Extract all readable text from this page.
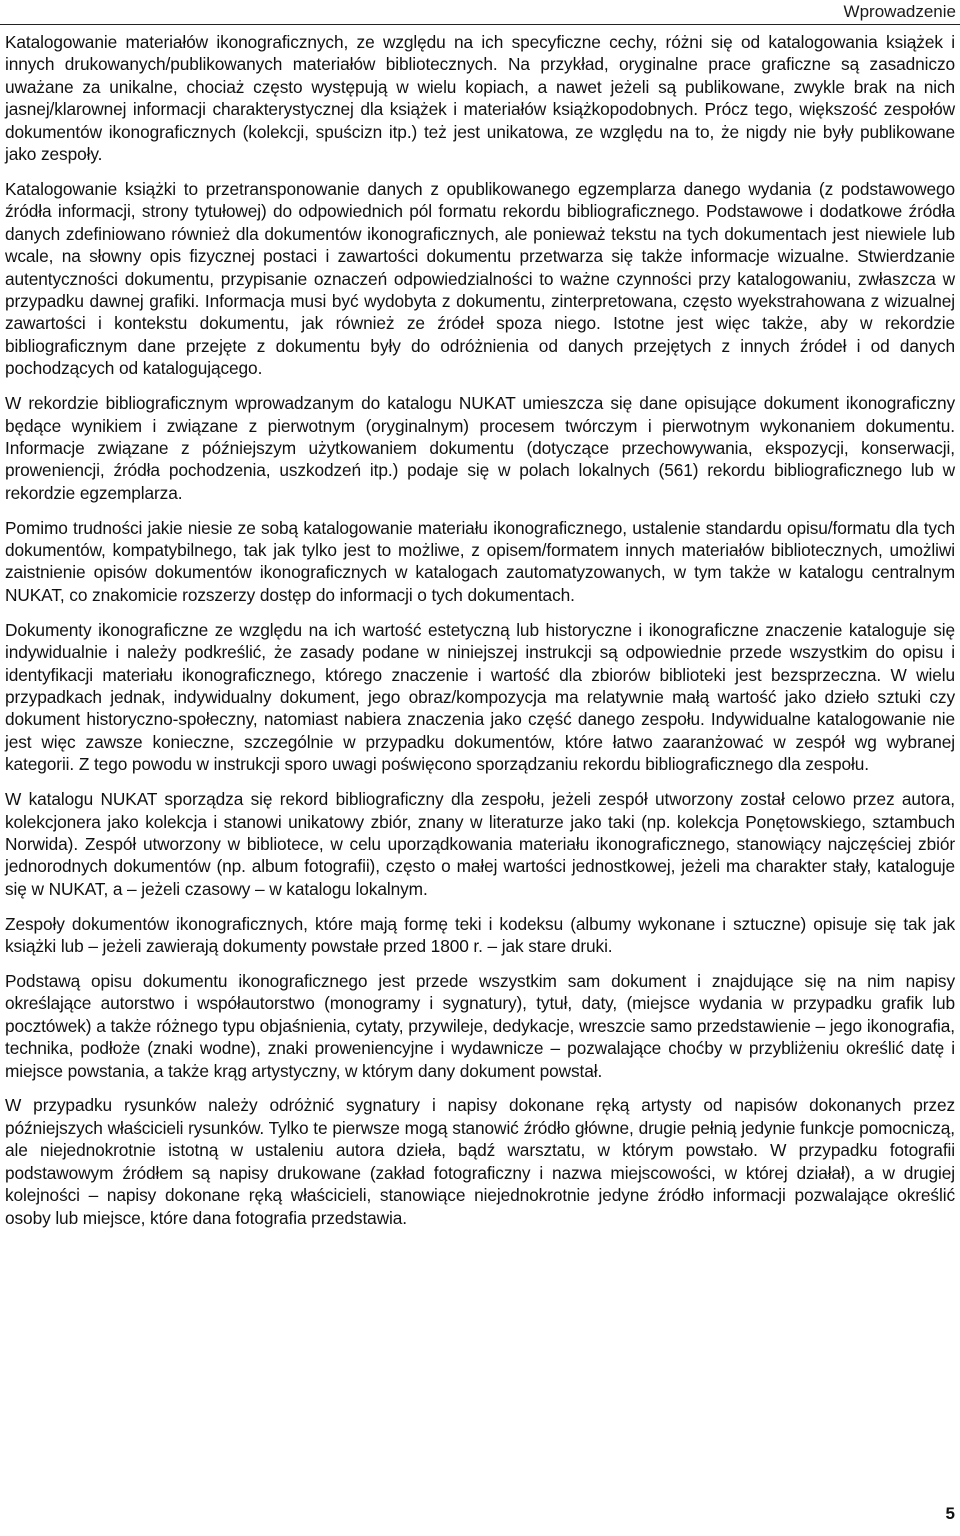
Wprowadzenie

Katalogowanie materiałów ikonograficznych, ze względu na ich specyficzne cechy, różni się od katalogowania książek i innych drukowanych/publikowanych materiałów bibliotecznych. Na przykład, oryginalne prace graficzne są zasadniczo uważane za unikalne, chociaż często występują w wielu kopiach, a nawet jeżeli są publikowane, zwykle brak na nich jasnej/klarownej informacji charakterystycznej dla książek i materiałów książkopodobnych. Prócz tego, większość zespołów dokumentów ikonograficznych (kolekcji, spuścizn itp.) też jest unikatowa, ze względu na to, że nigdy nie były publikowane jako zespoły.

Katalogowanie książki to przetransponowanie danych z opublikowanego egzemplarza danego wydania (z podstawowego źródła informacji, strony tytułowej) do odpowiednich pól formatu rekordu bibliograficznego. Podstawowe i dodatkowe źródła danych zdefiniowano również dla dokumentów ikonograficznych, ale ponieważ tekstu na tych dokumentach jest niewiele lub wcale, na słowny opis fizycznej postaci i zawartości dokumentu przetwarza się także informacje wizualne. Stwierdzanie autentyczności dokumentu, przypisanie oznaczeń odpowiedzialności to ważne czynności przy katalogowaniu, zwłaszcza w przypadku dawnej grafiki. Informacja musi być wydobyta z dokumentu, zinterpretowana, często wyekstrahowana z wizualnej zawartości i kontekstu dokumentu, jak również ze źródeł spoza niego. Istotne jest więc także, aby w rekordzie bibliograficznym dane przejęte z dokumentu były do odróżnienia od danych przejętych z innych źródeł i od danych pochodzących od katalogującego.

W rekordzie bibliograficznym wprowadzanym do katalogu NUKAT umieszcza się dane opisujące dokument ikonograficzny będące wynikiem i związane z pierwotnym (oryginalnym) procesem twórczym i pierwotnym wykonaniem dokumentu. Informacje związane z późniejszym użytkowaniem dokumentu (dotyczące przechowywania, ekspozycji, konserwacji, proweniencji, źródła pochodzenia, uszkodzeń itp.) podaje się w polach lokalnych (561) rekordu bibliograficznego lub w rekordzie egzemplarza.

Pomimo trudności jakie niesie ze sobą katalogowanie materiału ikonograficznego, ustalenie standardu opisu/formatu dla tych dokumentów, kompatybilnego, tak jak tylko jest to możliwe, z opisem/formatem innych materiałów bibliotecznych, umożliwi zaistnienie opisów dokumentów ikonograficznych w katalogach zautomatyzowanych, w tym także w katalogu centralnym NUKAT, co znakomicie rozszerzy dostęp do informacji o tych dokumentach.

Dokumenty ikonograficzne ze względu na ich wartość estetyczną lub historyczne i ikonograficzne znaczenie kataloguje się indywidualnie i należy podkreślić, że zasady podane w niniejszej instrukcji są odpowiednie przede wszystkim do opisu i identyfikacji materiału ikonograficznego, którego znaczenie i wartość dla zbiorów biblioteki jest bezsprzeczna. W wielu przypadkach jednak, indywidualny dokument, jego obraz/kompozycja ma relatywnie małą wartość jako dzieło sztuki czy dokument historyczno-społeczny, natomiast nabiera znaczenia jako część danego zespołu. Indywidualne katalogowanie nie jest więc zawsze konieczne, szczególnie w przypadku dokumentów, które łatwo zaaranżować w zespół wg wybranej kategorii. Z tego powodu w instrukcji sporo uwagi poświęcono sporządzaniu rekordu bibliograficznego dla zespołu.

W katalogu NUKAT sporządza się rekord bibliograficzny dla zespołu, jeżeli zespół utworzony został celowo przez autora, kolekcjonera jako kolekcja i stanowi unikatowy zbiór, znany w literaturze jako taki (np. kolekcja Ponętowskiego, sztambuch Norwida). Zespół utworzony w bibliotece, w celu uporządkowania materiału ikonograficznego, stanowiący najczęściej zbiór jednorodnych dokumentów (np. album fotografii), często o małej wartości jednostkowej, jeżeli ma charakter stały, kataloguje się w NUKAT, a – jeżeli czasowy – w katalogu lokalnym.

Zespoły dokumentów ikonograficznych, które mają formę teki i kodeksu (albumy wykonane i sztuczne) opisuje się tak jak książki lub – jeżeli zawierają dokumenty powstałe przed 1800 r. – jak stare druki.

Podstawą opisu dokumentu ikonograficznego jest przede wszystkim sam dokument i znajdujące się na nim napisy określające autorstwo i współautorstwo (monogramy i sygnatury), tytuł, daty, (miejsce wydania w przypadku grafik lub pocztówek) a także różnego typu objaśnienia, cytaty, przywileje, dedykacje, wreszcie samo przedstawienie – jego ikonografia, technika, podłoże (znaki wodne), znaki proweniencyjne i wydawnicze – pozwalające choćby w przybliżeniu określić datę i miejsce powstania, a także krąg artystyczny, w którym dany dokument powstał.

W przypadku rysunków należy odróżnić sygnatury i napisy dokonane ręką artysty od napisów dokonanych przez późniejszych właścicieli rysunków. Tylko te pierwsze mogą stanowić źródło główne, drugie pełnią jedynie funkcje pomocniczą, ale niejednokrotnie istotną w ustaleniu autora dzieła, bądź warsztatu, w którym powstało. W przypadku fotografii podstawowym źródłem są napisy drukowane (zakład fotograficzny i nazwa miejscowości, w której działał), a w drugiej kolejności – napisy dokonane ręką właścicieli, stanowiące niejednokrotnie jedyne źródło informacji pozwalające określić osoby lub miejsce, które dana fotografia przedstawia.

5
